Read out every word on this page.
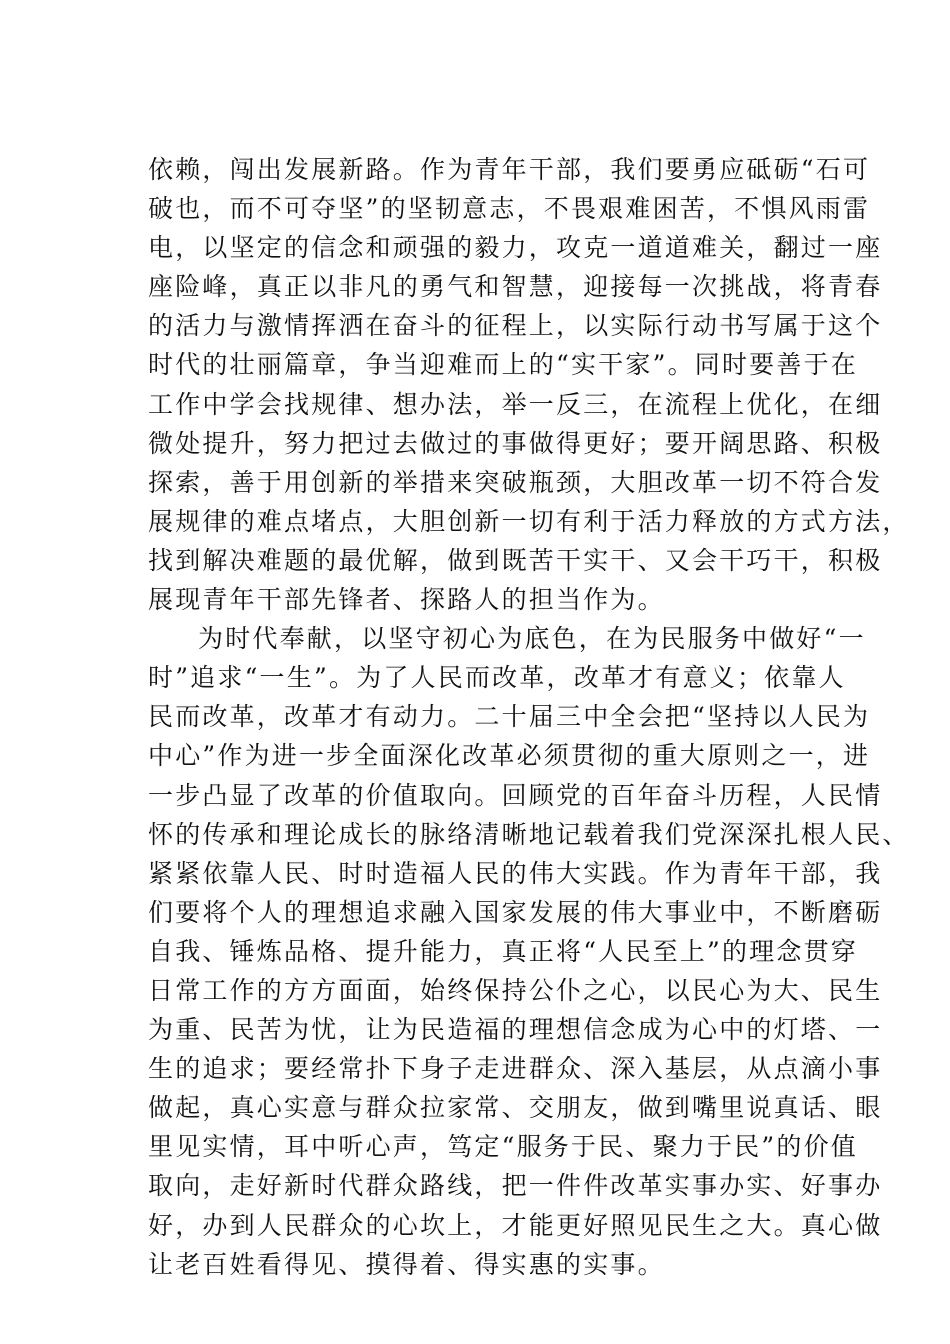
依赖，闯出发展新路。作为青年干部，我们要勇应砥砺“石可
破也，而不可夺坚”的坚韧意志，不畏艰难困苦，不惧风雨雷
电，以坚定的信念和顽强的毅力，攻克一道道难关，翻过一座
座险峰，真正以非凡的勇气和智慧，迎接每一次挑战，将青春
的活力与激情挥洒在奋斗的征程上，以实际行动书写属于这个
时代的壮丽篇章，争当迎难而上的“实干家”。同时要善于在
工作中学会找规律、想办法，举一反三，在流程上优化，在细
微处提升，努力把过去做过的事做得更好；要开阔思路、积极
探索，善于用创新的举措来突破瓶颈，大胆改革一切不符合发
展规律的难点堵点，大胆创新一切有利于活力释放的方式方法，
找到解决难题的最优解，做到既苦干实干、又会干巧干，积极
展现青年干部先锋者、探路人的担当作为。
为时代奉献，以坚守初心为底色，在为民服务中做好“一
时”追求“一生”。为了人民而改革，改革才有意义；依靠人
民而改革，改革才有动力。二十届三中全会把“坚持以人民为
中心”作为进一步全面深化改革必须贯彻的重大原则之一，进
一步凸显了改革的价值取向。回顾党的百年奋斗历程，人民情
怀的传承和理论成长的脉络清晰地记载着我们党深深扎根人民、
紧紧依靠人民、时时造福人民的伟大实践。作为青年干部，我
们要将个人的理想追求融入国家发展的伟大事业中，不断磨砺
自我、锤炼品格、提升能力，真正将“人民至上”的理念贯穿
日常工作的方方面面，始终保持公仆之心，以民心为大、民生
为重、民苦为忧，让为民造福的理想信念成为心中的灯塔、一
生的追求；要经常扑下身子走进群众、深入基层，从点滴小事
做起，真心实意与群众拉家常、交朋友，做到嘴里说真话、眼
里见实情，耳中听心声，笃定“服务于民、聚力于民”的价值
取向，走好新时代群众路线，把一件件改革实事办实、好事办
好，办到人民群众的心坎上，才能更好照见民生之大。真心做
让老百姓看得见、摸得着、得实惠的实事。
